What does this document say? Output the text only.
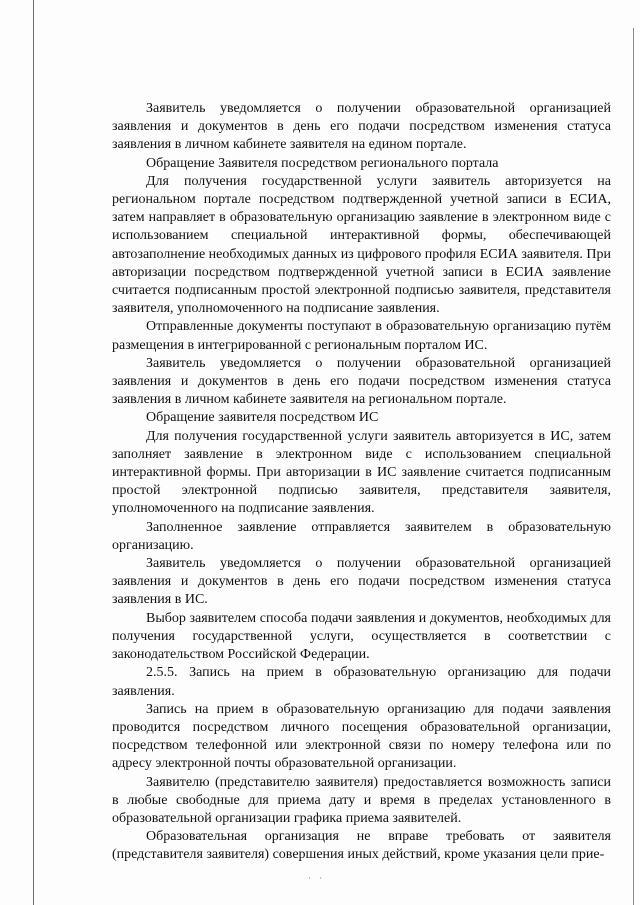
Заявитель уведомляется о получении образовательной организацией заявления и документов в день его подачи посредством изменения статуса заявления в личном кабинете заявителя на едином портале.

Обращение Заявителя посредством регионального портала

Для получения государственной услуги заявитель авторизуется на региональном портале посредством подтвержденной учетной записи в ЕСИА, затем направляет в образовательную организацию заявление в электронном виде с использованием специальной интерактивной формы, обеспечивающей автозаполнение необходимых данных из цифрового профиля ЕСИА заявителя. При авторизации посредством подтвержденной учетной записи в ЕСИА заявление считается подписанным простой электронной подписью заявителя, представителя заявителя, уполномоченного на подписание заявления.

Отправленные документы поступают в образовательную организацию путём размещения в интегрированной с региональным порталом ИС.

Заявитель уведомляется о получении образовательной организацией заявления и документов в день его подачи посредством изменения статуса заявления в личном кабинете заявителя на региональном портале.

Обращение заявителя посредством ИС

Для получения государственной услуги заявитель авторизуется в ИС, затем заполняет заявление в электронном виде с использованием специальной интерактивной формы. При авторизации в ИС заявление считается подписанным простой электронной подписью заявителя, представителя заявителя, уполномоченного на подписание заявления.

Заполненное заявление отправляется заявителем в образовательную организацию.

Заявитель уведомляется о получении образовательной организацией заявления и документов в день его подачи посредством изменения статуса заявления в ИС.

Выбор заявителем способа подачи заявления и документов, необходимых для получения государственной услуги, осуществляется в соответствии с законодательством Российской Федерации.

2.5.5. Запись на прием в образовательную организацию для подачи заявления.

Запись на прием в образовательную организацию для подачи заявления проводится посредством личного посещения образовательной организации, посредством телефонной или электронной связи по номеру телефона или по адресу электронной почты образовательной организации.

Заявителю (представителю заявителя) предоставляется возможность записи в любые свободные для приема дату и время в пределах установленного в образовательной организации графика приема заявителей.

Образовательная организация не вправе требовать от заявителя (представителя заявителя) совершения иных действий, кроме указания цели прие-

· ·
